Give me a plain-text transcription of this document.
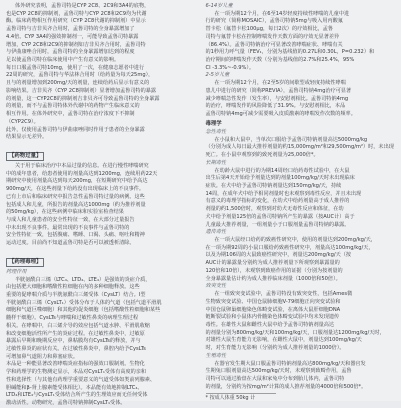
体外研究表明，孟鲁司特是CYP 2C8、2C9和3A4的底物，
也是CYP 2C8的抑制剂，孟鲁司特与CYP 2C8和2C9均为代谢
酶。临床药物相互作用研究（CYP 2C8代谢的抑制剂）中显示
孟鲁司特与吉非贝齐合用时，孟鲁司特的全身暴露增加了
4.4倍。CYP 3A4的强效抑制剂一，可能导致孟鲁司特暴露
增加，CYP 2C8和2C9的抑制剂如吉非贝齐合用时，孟鲁司特
与伊曲康唑合用时，孟鲁司特的全身暴露增加达到的程度
足以使孟鲁司特在临床使用中产生有意义的影响。
每日口服孟鲁司特10mg，使用了一次，在健康志愿者中进行
22周的研究，孟鲁司特与华法林合用时（给药量为每天25mg），
且与的剂量增加到200mg/天的剂量，连续给药后显示有意义的
影响结果。吉非贝齐（CYP 2C8抑制剂）显著增加孟鲁司特的暴露
的剂量，这一CYP2C8的抑制剂吉非贝齐可导致孟鲁司特的全身暴露
的剂量，而不与孟鲁司特体外代谢中的药物产生临床意义的
相互作用。在体外研究中，孟鲁司特在治疗浓度下不抑制
（CYP2C9）。
此外，仅使用孟鲁司特与伊曲康唑同时作用于患者的全身暴露
结果显示无差异。
【药物过量】
关于用于临床治疗中本品过量的信息。在进行慢性哮喘研究
中的成年患者，给患者使用的剂量高达到1200mg，连续用药22天
期研究中使用剂量高达到每天200mg，在短期研究中给予高达
900mg/天，在这些剂量下给药没有出现临床上的不良事件。
已有上市后和临床研究中报告急性孟鲁司特过量的病例。这些
包括成人和儿童，所报告的剂量高达1000mg（约为推荐剂量
的50mg/kg），在这些病例中临床和实验室检查结果
与成人和儿童患者的安全性特征一致，在大部分过量报告
中未出现不良事件。最常出现的不良事件与孟鲁司特的
安全性特征一致，包括腹痛、嗜睡、口渴、头痛、呕吐和精神
运动过度。目前尚不知道孟鲁司特是否可以被透析清除。
【药理毒理】

药理作用

半胱氨酰白三烯（LTC₄、LTD₄、LTE₄）是强效的炎症介质，
由包括肥大细胞和嗜酸性粒细胞在内的多种细胞释放。这些
重要的促哮喘介质与半胱氨酰白三烯受体（CysLT）结合。I型
半胱氨酰白三烯（CysLT₁）受体分布于人体的气道（包括气道平滑肌
细胞和气道巨噬细胞）和其他的促炎细胞（包括嗜酸性粒细胞和某些
髓样干细胞）。CysLTs与哮喘和过敏性鼻炎的病理生理过程
相关。在哮喘中，白三烯介导的效应包括气道水肿、平滑肌收缩
和改变细胞活性所产生的炎症过程。在过敏性鼻炎中，过敏原
暴露后早期和晚期反应中，鼻粘膜均有CysLTs的释放，并与
过敏性鼻炎的症状有关。在过敏性鼻炎中，鼻腔内给予CysLTs
可增加鼻气道阻力和鼻塞症状。
本品是一种能显著改善哮喘炎症指标的强效口服制剂。生物化
学和药理学的生物测定显示，本品对CysLT₁受体有高度的亲和
性和选择性（与其他有药理学重要意义的气道受体如类前列腺素、
胆碱能和β-肾上腺素能受体相比）。本品能有效地抑制LTC₄、
LTD₄和LTE₄与CysLT₁受体结合所产生的生理效应而无任何受体
激动活性。动物研究，孟鲁司特钠抑制CysLT₁受体。

6-14岁儿童

在一项为期12个月，在6至14岁轻度持续性哮喘的儿童中进
行的研究（简称MOSAIC），孟鲁司特钠5mg与吸入用丙酸氟
替卡松（氟替卡松100μg，每日2次）的疗效相比，孟鲁
司特与氟替卡松在控制哮喘发作天数方面的疗效无显著差异
（86.4%）。孟鲁司特钠治疗可显著改善哮喘症状、哮喘有关
的1秒用力呼气量（FEV₁，分别为基线值的0.27L和0.30L，P=0.232）和
治疗期间的哮喘发作天数（分别为基线值的2.7%和25.4%，95%
CI -3.3%~-0.9%）。

2-5岁儿童

在一项为期12个月，在2至5岁的间歇型或轻度持续性哮喘
患儿中进行的研究（简称PREVIA），孟鲁司特钠4mg治疗可显著
减少哮喘急性发作（发生率），与安慰剂相比。孟鲁司特钠4mg
的治疗，哮喘发作的风险降低了31.9%。与安慰剂相比，本品
孟鲁司特钠4mg可减少需要吸入皮质激素的哮喘发作次数的频率。
毒理学

急性毒性

在小鼠和大鼠中，当单次口服给予孟鲁司特钠剂量高达5000mg/kg
（分别为成人每日最大推荐剂量的约15,000mg/m²和29,500mg/m²）时，未出现
死亡。在小鼠中观察到的致死剂量为25,000倍*。

长期毒性

在幼龄大鼠中进行的为期14周经口给药毒性试验中，在大鼠
出生后第4天开始给予剂量达到的剂量100mg/kg/天时未出现临床
症状。在犬中给予孟鲁司特钠剂量达到150mg/kg/天，持续
14周，在成年犬中给予相同剂量时也未观察到毒性反应，并且未出现
有意义的毒理学指标的变化，在幼犬中给药剂量高于成人推荐的
剂量的约1,500倍时，观察到对幼犬无毒性反应和体征，在幼
犬中给予剂量125倍的孟鲁司特钠所产生的暴露（按AUC计）高于
儿童最大推荐剂量，一组剂量小于口服剂量孟鲁司特钠的暴露。

遗传毒性

在一项大鼠经口给药的致癌性研究中，使用的剂量达到200mg/kg/天，
在一项为期92周的小鼠口服给药致癌性研究中，剂量高达100mg/kg/天，
以及为期106周的大鼠致癌性研究中，剂量达200mg/kg/天（按
AUC计的暴露量分别约为成人推荐剂量下所观察到暴露量的
120倍和10倍），未观察到致癌作用的证据（分别为按剂量的
全身暴露量估计约为成人推荐临床剂量（1000倍和50倍）。

致突变性

在一组致突变试验中，孟鲁司特没有致突变性，包括Ames微
生物致突变试验、中国仓鼠肺细胞V-79细胞正向突变试验和
中国仓鼠卵巢细胞染色体畸变试验，在离体大鼠肝细胞DNA
链断裂试验和小鼠体内骨髓染色体畸变试验中均未发现遗传
毒性。在雄性大鼠和雌性大鼠中给予孟鲁司特钠剂量高达
的剂量分别为800mg/kg/天和100mg/kg/天，口服剂量达1200mg/kg/天时，
对雄性大鼠生育能力无影响，在雌性大鼠中，剂量达到100mg/kg/天
时，对生育能力无影响（分别约为成人推荐剂量的1000倍）。

生殖毒性

在器官发生期大鼠口服孟鲁司特钠剂量高达800mg/kg/天和器官发
生期兔口服剂量高达500mg/kg/天时，未观察到致畸作用，孟鲁
司特可以通过胎盘在大鼠和家兔中分布到胎儿体内，孟鲁司特
的剂量，分别约为按mg/m²计算的成人推荐剂量的4000倍和500倍*。
* 按成人体重 50kg 计
